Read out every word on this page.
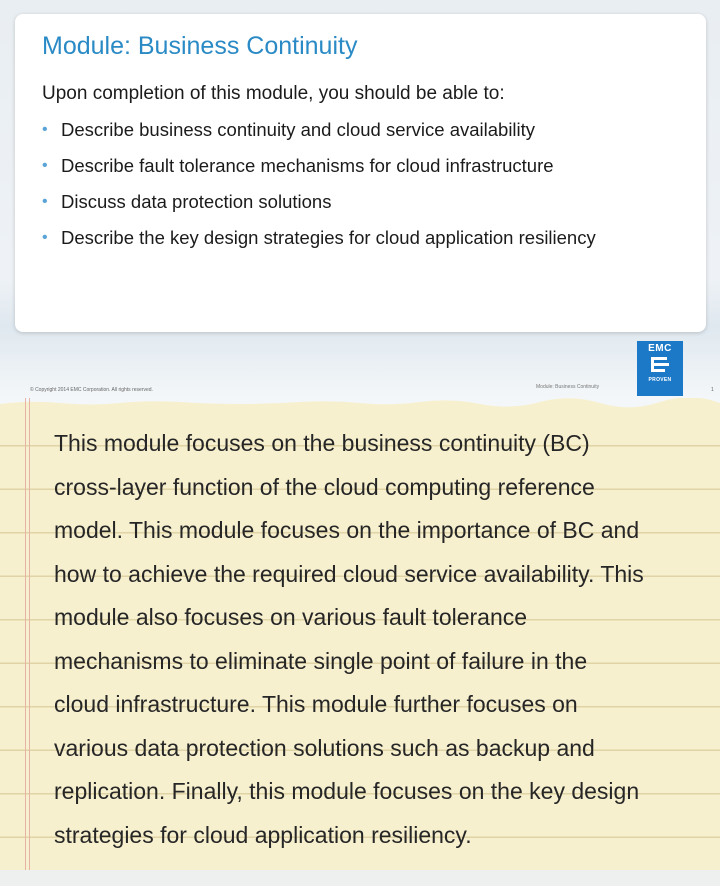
Module: Business Continuity

Upon completion of this module, you should be able to:

• Describe business continuity and cloud service availability
• Describe fault tolerance mechanisms for cloud infrastructure
• Discuss data protection solutions
• Describe the key design strategies for cloud application resiliency
© Copyright 2014 EMC Corporation. All rights reserved.	Module: Business Continuity	1
EMC
PROVEN

This module focuses on the business continuity (BC)
cross-layer function of the cloud computing reference
model. This module focuses on the importance of BC and
how to achieve the required cloud service availability. This
module also focuses on various fault tolerance
mechanisms to eliminate single point of failure in the
cloud infrastructure. This module further focuses on
various data protection solutions such as backup and
replication. Finally, this module focuses on the key design
strategies for cloud application resiliency.
